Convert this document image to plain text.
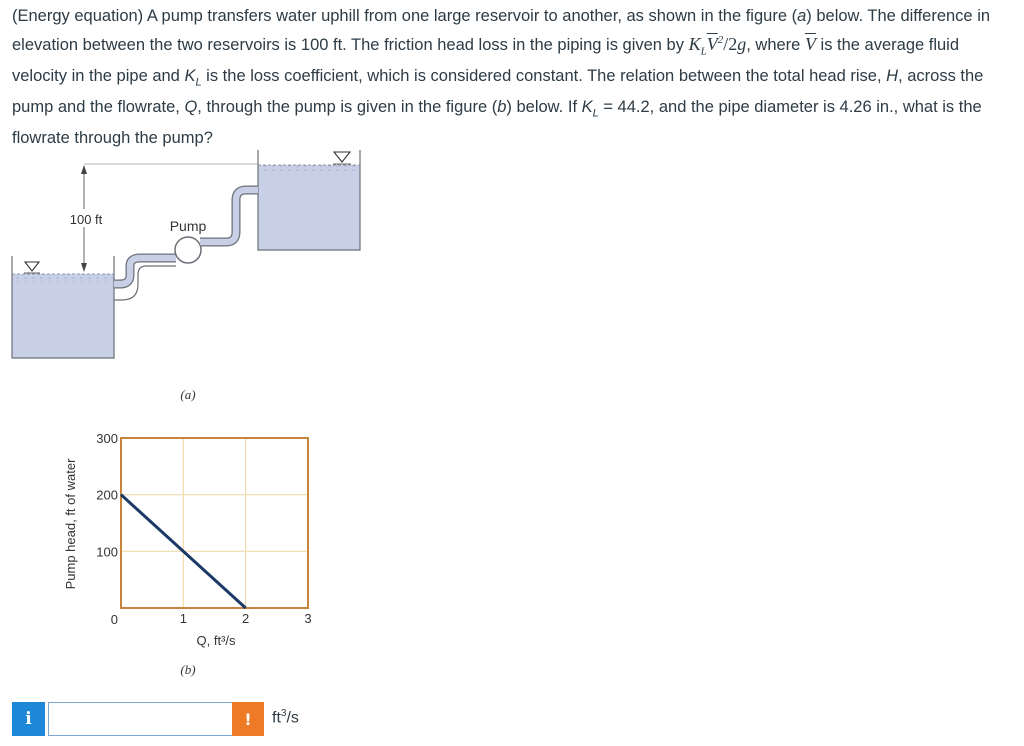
(Energy equation) A pump transfers water uphill from one large reservoir to another, as shown in the figure (a) below. The difference in elevation between the two reservoirs is 100 ft. The friction head loss in the piping is given by $K_L\overline{V}^2/2g$, where $\overline{V}$ is the average fluid velocity in the pipe and $K_L$ is the loss coefficient, which is considered constant. The relation between the total head rise, H, across the pump and the flowrate, Q, through the pump is given in the figure (b) below. If $K_L = 44.2$, and the pipe diameter is 4.26 in., what is the flowrate through the pump?

100 ft	Pump
(a)
0
100
200
300
1	2	3
Pump head, ft of water
Q, ft³/s
(b)
i	!	$ft^3/s$
